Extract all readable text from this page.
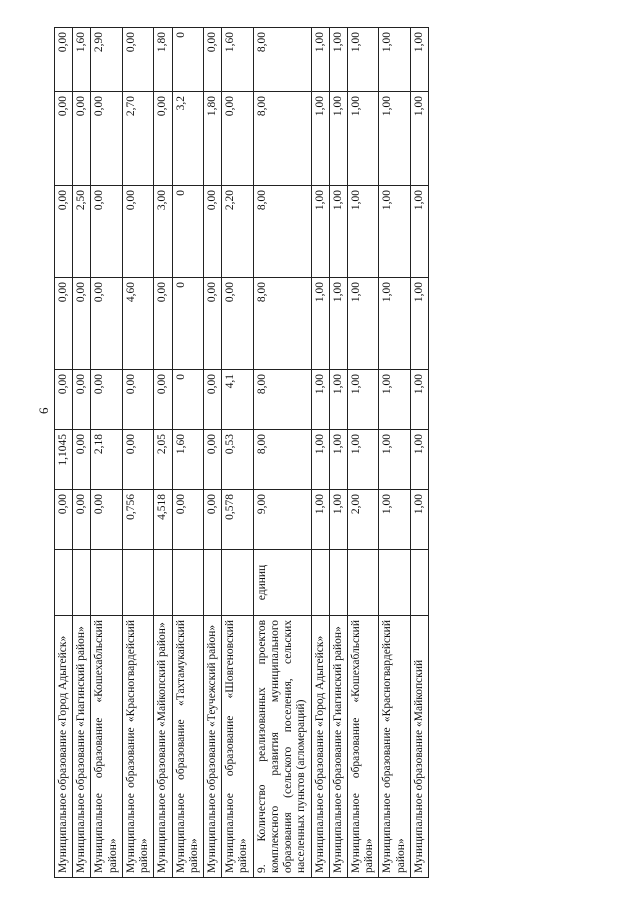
6
Муниципальное образование «Город Адыгейск»		0,00	1,1045	0,00	0,00	0,00	0,00	0,00
Муниципальное образование «Гиагинский район»		0,00	0,00	0,00	0,00	2,50	0,00	1,60
Муниципальное образование «Кошехабльский район»		0,00	2,18	0,00	0,00	0,00	0,00	2,90
Муниципальное образование «Красногвардейский район»		0,756	0,00	0,00	4,60	0,00	2,70	0,00
Муниципальное образование «Майкопский район»		4,518	2,05	0,00	0,00	3,00	0,00	1,80
Муниципальное образование «Тахтамукайский район»		0,00	1,60	0	0	0	3,2	0
Муниципальное образование «Теучежский район»		0,00	0,00	0,00	0,00	0,00	1,80	0,00
Муниципальное образование «Шовгеновский район»		0,578	0,53	4,1	0,00	2,20	0,00	1,60
9. Количество реализованных проектов комплексного развития муниципального образования (сельского поселения, сельских населенных пунктов (агломераций)	единиц	9,00	8,00	8,00	8,00	8,00	8,00	8,00
Муниципальное образование «Город Адыгейск»		1,00	1,00	1,00	1,00	1,00	1,00	1,00
Муниципальное образование «Гиагинский район»		1,00	1,00	1,00	1,00	1,00	1,00	1,00
Муниципальное образование «Кошехабльский район»		2,00	1,00	1,00	1,00	1,00	1,00	1,00
Муниципальное образование «Красногвардейский район»		1,00	1,00	1,00	1,00	1,00	1,00	1,00
Муниципальное образование «Майкопский		1,00	1,00	1,00	1,00	1,00	1,00	1,00
